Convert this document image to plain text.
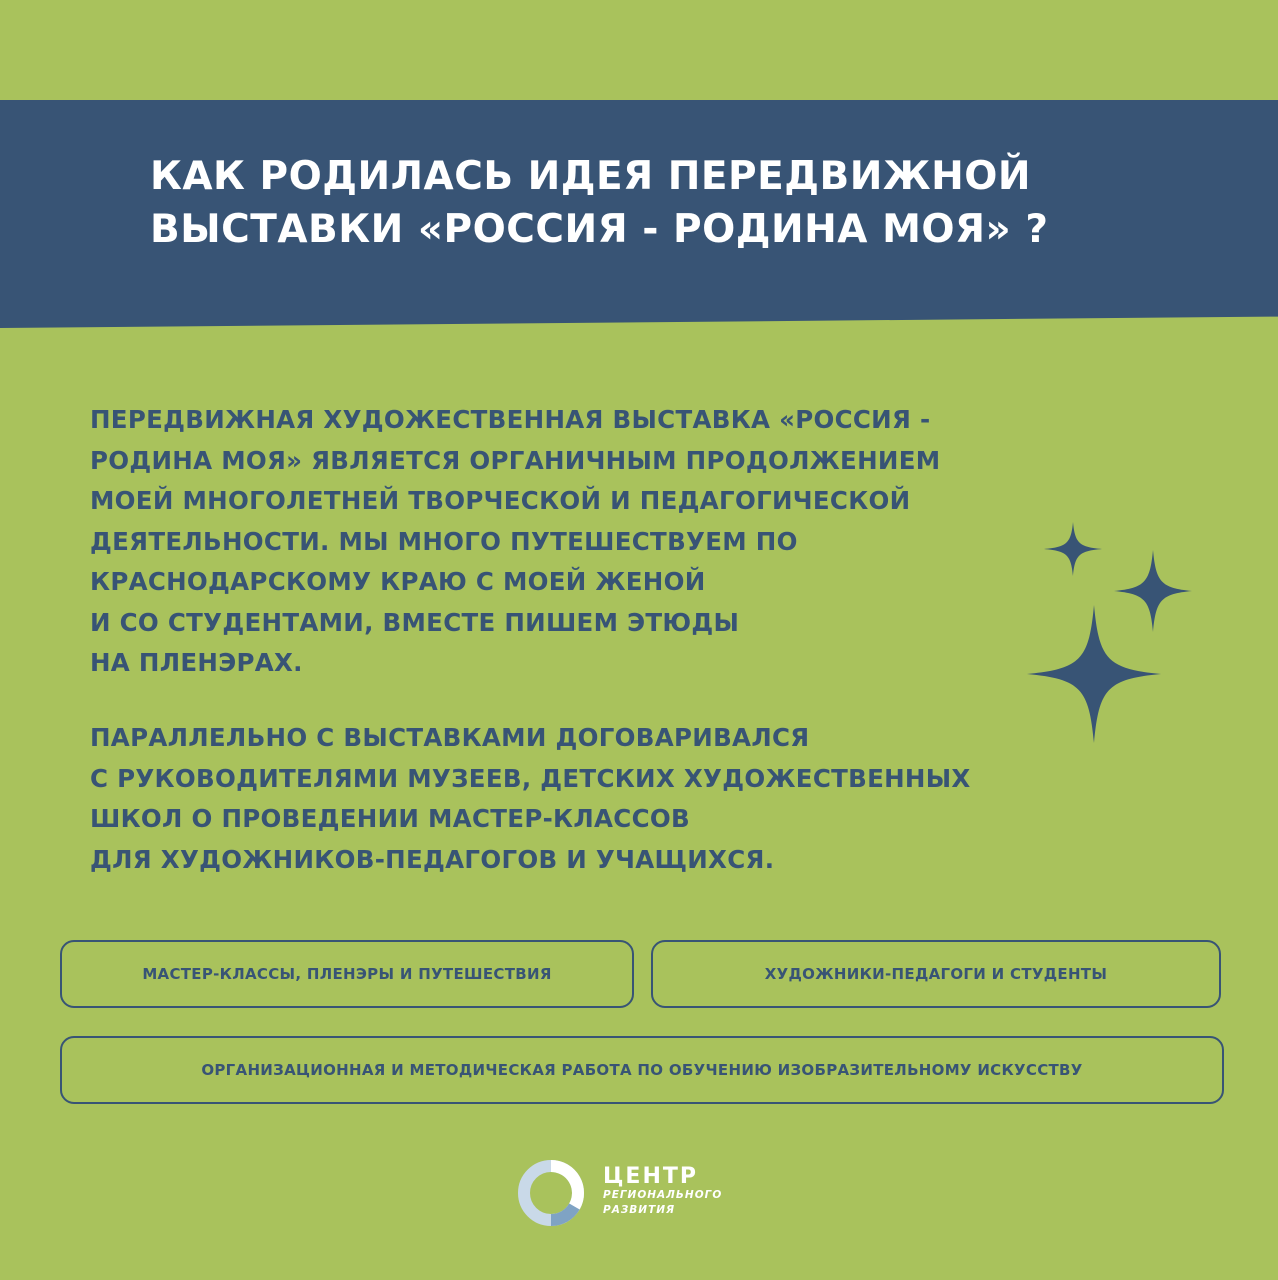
КАК РОДИЛАСЬ ИДЕЯ ПЕРЕДВИЖНОЙ
ВЫСТАВКИ «РОССИЯ - РОДИНА МОЯ» ?

ПЕРЕДВИЖНАЯ ХУДОЖЕСТВЕННАЯ ВЫСТАВКА «РОССИЯ -
РОДИНА МОЯ» ЯВЛЯЕТСЯ ОРГАНИЧНЫМ ПРОДОЛЖЕНИЕМ
МОЕЙ МНОГОЛЕТНЕЙ ТВОРЧЕСКОЙ И ПЕДАГОГИЧЕСКОЙ
ДЕЯТЕЛЬНОСТИ. МЫ МНОГО ПУТЕШЕСТВУЕМ ПО
КРАСНОДАРСКОМУ КРАЮ С МОЕЙ ЖЕНОЙ
И СО СТУДЕНТАМИ, ВМЕСТЕ ПИШЕМ ЭТЮДЫ
НА ПЛЕНЭРАХ.

ПАРАЛЛЕЛЬНО С ВЫСТАВКАМИ ДОГОВАРИВАЛСЯ
С РУКОВОДИТЕЛЯМИ МУЗЕЕВ, ДЕТСКИХ ХУДОЖЕСТВЕННЫХ
ШКОЛ О ПРОВЕДЕНИИ МАСТЕР-КЛАССОВ
ДЛЯ ХУДОЖНИКОВ-ПЕДАГОГОВ И УЧАЩИХСЯ.

МАСТЕР-КЛАССЫ, ПЛЕНЭРЫ И ПУТЕШЕСТВИЯ	ХУДОЖНИКИ-ПЕДАГОГИ И СТУДЕНТЫ
ОРГАНИЗАЦИОННАЯ И МЕТОДИЧЕСКАЯ РАБОТА ПО ОБУЧЕНИЮ ИЗОБРАЗИТЕЛЬНОМУ ИСКУССТВУ
ЦЕНТР
РЕГИОНАЛЬНОГО
РАЗВИТИЯ
